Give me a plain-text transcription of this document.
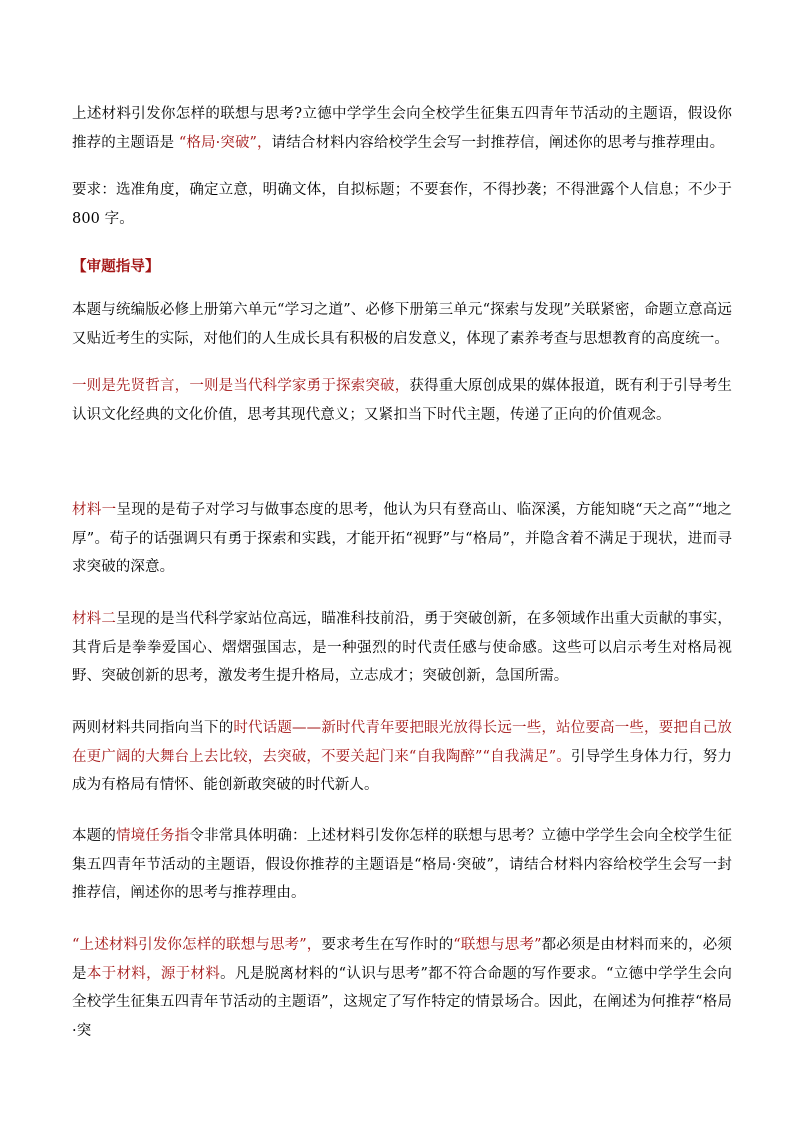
上述材料引发你怎样的联想与思考?立德中学学生会向全校学生征集五四青年节活动的主题语，假设你推荐的主题语是 “格局·突破”，请结合材料内容给校学生会写一封推荐信，阐述你的思考与推荐理由。

要求：选准角度，确定立意，明确文体，自拟标题；不要套作，不得抄袭；不得泄露个人信息；不少于 800 字。

【审题指导】

本题与统编版必修上册第六单元“学习之道”、必修下册第三单元“探索与发现”关联紧密，命题立意高远又贴近考生的实际，对他们的人生成长具有积极的启发意义，体现了素养考查与思想教育的高度统一。

一则是先贤哲言，一则是当代科学家勇于探索突破，获得重大原创成果的媒体报道，既有利于引导考生认识文化经典的文化价值，思考其现代意义；又紧扣当下时代主题，传递了正向的价值观念。

材料一呈现的是荀子对学习与做事态度的思考，他认为只有登高山、临深溪，方能知晓“天之高”“地之厚”。荀子的话强调只有勇于探索和实践，才能开拓“视野”与“格局”，并隐含着不满足于现状，进而寻求突破的深意。

材料二呈现的是当代科学家站位高远，瞄准科技前沿，勇于突破创新，在多领域作出重大贡献的事实，其背后是拳拳爱国心、熠熠强国志，是一种强烈的时代责任感与使命感。这些可以启示考生对格局视野、突破创新的思考，激发考生提升格局，立志成才；突破创新，急国所需。

两则材料共同指向当下的时代话题——新时代青年要把眼光放得长远一些，站位要高一些，要把自己放在更广阔的大舞台上去比较，去突破，不要关起门来“自我陶醉”“自我满足”。引导学生身体力行，努力成为有格局有情怀、能创新敢突破的时代新人。

本题的情境任务指令非常具体明确：上述材料引发你怎样的联想与思考？立德中学学生会向全校学生征集五四青年节活动的主题语，假设你推荐的主题语是“格局·突破”，请结合材料内容给校学生会写一封推荐信，阐述你的思考与推荐理由。

“上述材料引发你怎样的联想与思考”，要求考生在写作时的“联想与思考”都必须是由材料而来的，必须是本于材料，源于材料。凡是脱离材料的“认识与思考”都不符合命题的写作要求。“立德中学学生会向全校学生征集五四青年节活动的主题语”，这规定了写作特定的情景场合。因此，在阐述为何推荐“格局·突
